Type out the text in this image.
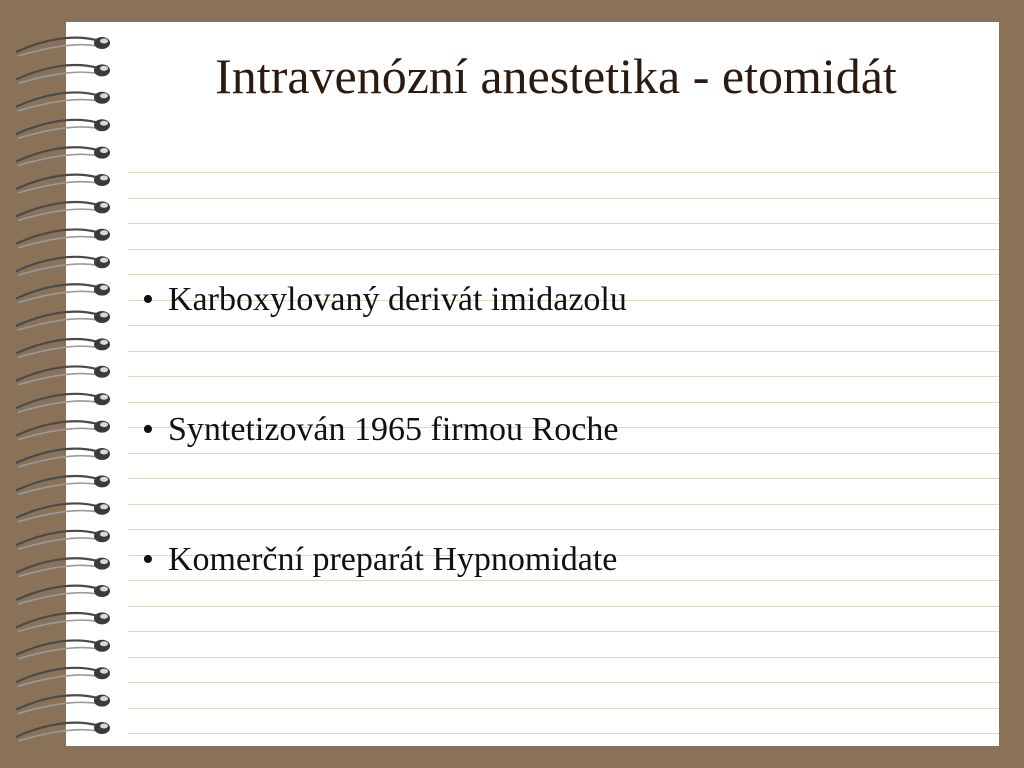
Intravenózní anestetika - etomidát
• Karboxylovaný derivát imidazolu
• Syntetizován 1965 firmou Roche
• Komerční preparát Hypnomidate
